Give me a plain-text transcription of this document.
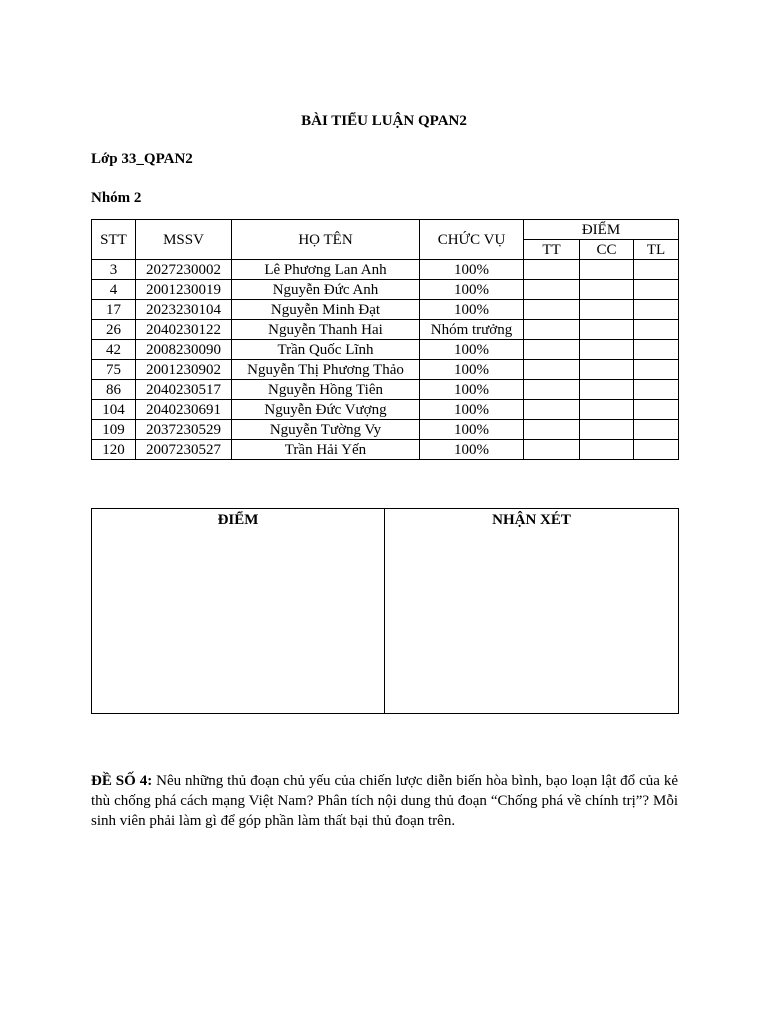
BÀI TIỂU LUẬN QPAN2
Lớp 33_QPAN2
Nhóm 2
STT	MSSV	HỌ TÊN	CHỨC VỤ	ĐIỂM		
				TT	CC	TL
3	2027230002	Lê Phương Lan Anh	100%			
4	2001230019	Nguyễn Đức Anh	100%			
17	2023230104	Nguyễn Minh Đạt	100%			
26	2040230122	Nguyễn Thanh Hai	Nhóm trưởng			
42	2008230090	Trần Quốc Lĩnh	100%			
75	2001230902	Nguyễn Thị Phương Thảo	100%			
86	2040230517	Nguyễn Hồng Tiên	100%			
104	2040230691	Nguyễn Đức Vượng	100%			
109	2037230529	Nguyễn Tường Vy	100%			
120	2007230527	Trần Hải Yến	100%			
ĐIỂM	NHẬN XÉT
ĐỀ SỐ 4: Nêu những thủ đoạn chủ yếu của chiến lược diễn biến hòa bình, bạo loạn lật đổ của kẻ thù chống phá cách mạng Việt Nam? Phân tích nội dung thủ đoạn “Chống phá về chính trị”? Mỗi sinh viên phải làm gì để góp phần làm thất bại thủ đoạn trên.
